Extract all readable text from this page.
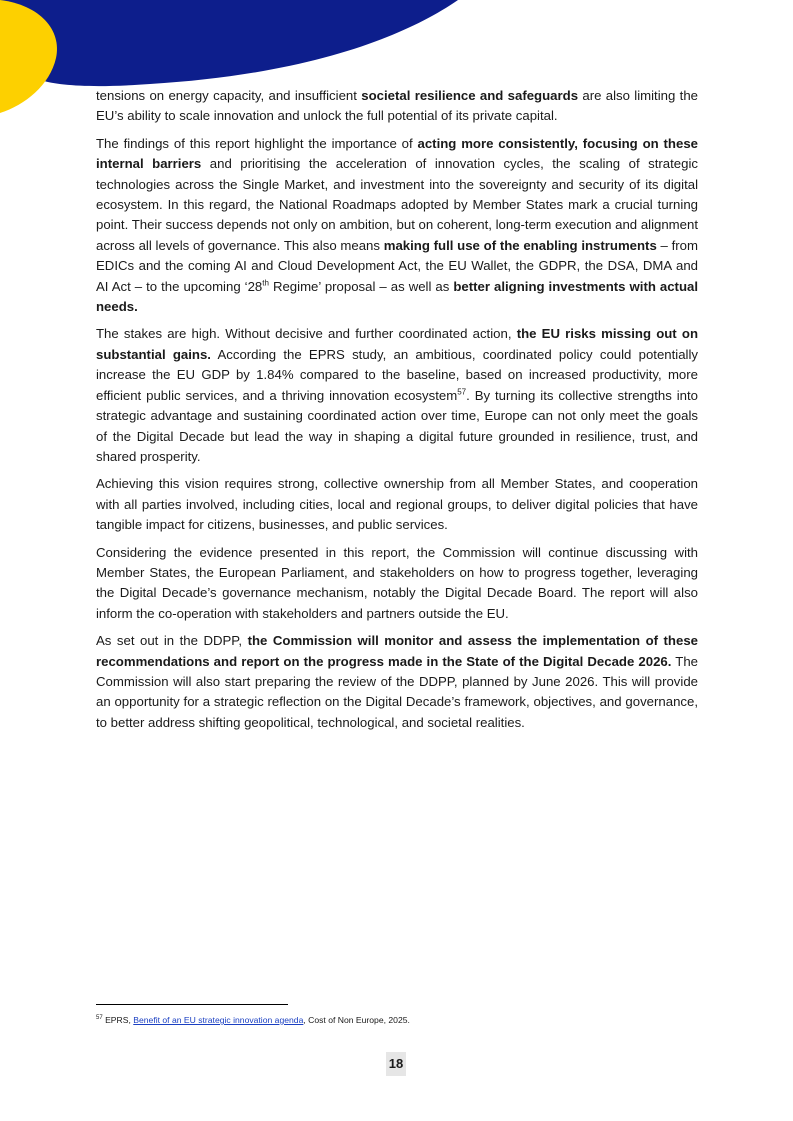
tensions on energy capacity, and insufficient societal resilience and safeguards are also limiting the EU’s ability to scale innovation and unlock the full potential of its private capital.

The findings of this report highlight the importance of acting more consistently, focusing on these internal barriers and prioritising the acceleration of innovation cycles, the scaling of strategic technologies across the Single Market, and investment into the sovereignty and security of its digital ecosystem. In this regard, the National Roadmaps adopted by Member States mark a crucial turning point. Their success depends not only on ambition, but on coherent, long-term execution and alignment across all levels of governance. This also means making full use of the enabling instruments – from EDICs and the coming AI and Cloud Development Act, the EU Wallet, the GDPR, the DSA, DMA and AI Act – to the upcoming ‘28th Regime’ proposal – as well as better aligning investments with actual needs.

The stakes are high. Without decisive and further coordinated action, the EU risks missing out on substantial gains. According the EPRS study, an ambitious, coordinated policy could potentially increase the EU GDP by 1.84% compared to the baseline, based on increased productivity, more efficient public services, and a thriving innovation ecosystem$^{57}$. By turning its collective strengths into strategic advantage and sustaining coordinated action over time, Europe can not only meet the goals of the Digital Decade but lead the way in shaping a digital future grounded in resilience, trust, and shared prosperity.

Achieving this vision requires strong, collective ownership from all Member States, and cooperation with all parties involved, including cities, local and regional groups, to deliver digital policies that have tangible impact for citizens, businesses, and public services.

Considering the evidence presented in this report, the Commission will continue discussing with Member States, the European Parliament, and stakeholders on how to progress together, leveraging the Digital Decade’s governance mechanism, notably the Digital Decade Board. The report will also inform the co-operation with stakeholders and partners outside the EU.

As set out in the DDPP, the Commission will monitor and assess the implementation of these recommendations and report on the progress made in the State of the Digital Decade 2026. The Commission will also start preparing the review of the DDPP, planned by June 2026. This will provide an opportunity for a strategic reflection on the Digital Decade’s framework, objectives, and governance, to better address shifting geopolitical, technological, and societal realities.

$^{57}$ EPRS, Benefit of an EU strategic innovation agenda, Cost of Non Europe, 2025.
18
